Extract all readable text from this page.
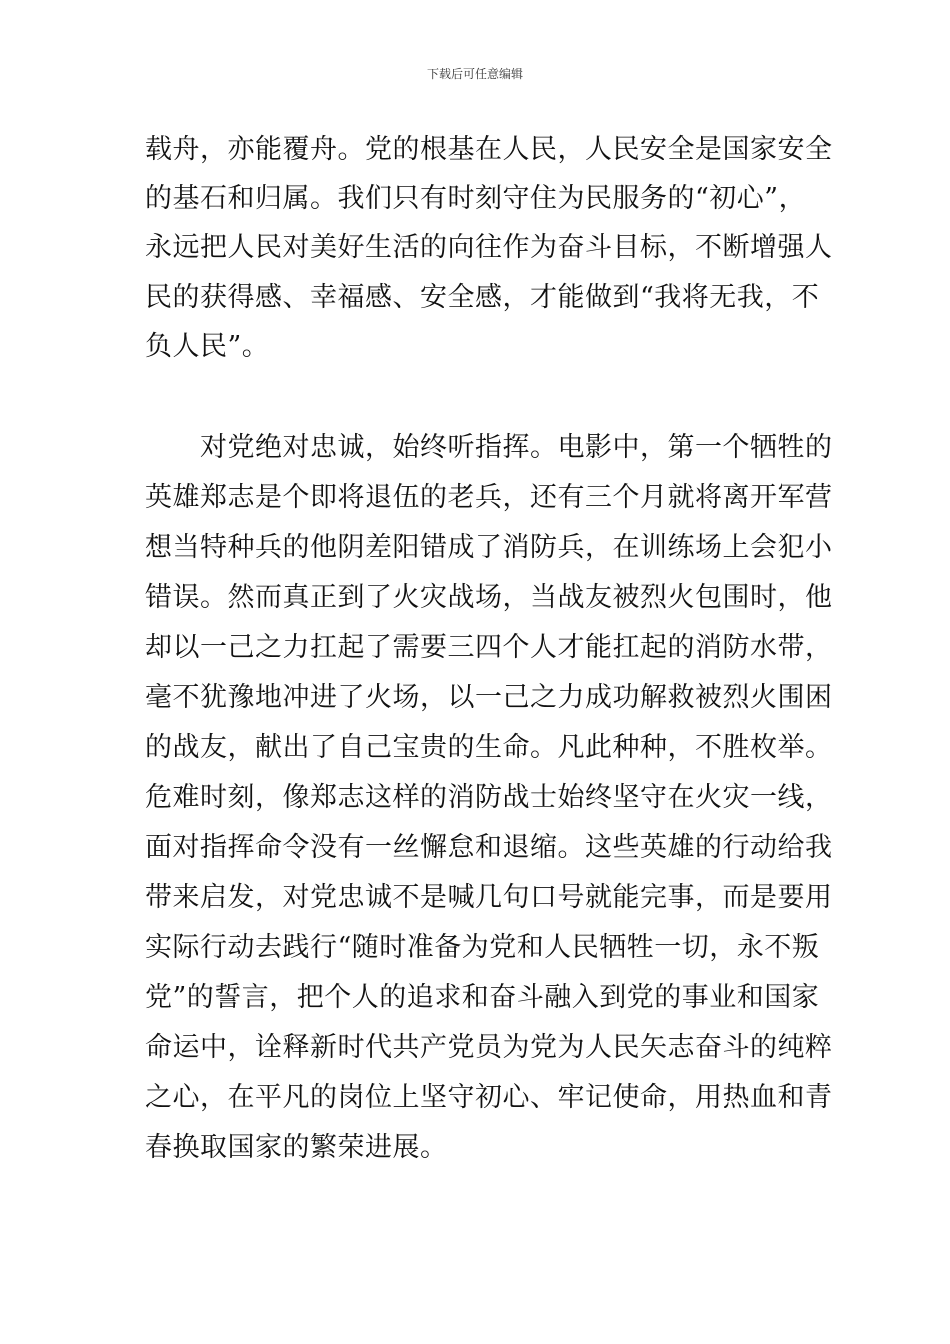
下载后可任意编辑
载舟，亦能覆舟。党的根基在人民，人民安全是国家安全
的基石和归属。我们只有时刻守住为民服务的“初心”，
永远把人民对美好生活的向往作为奋斗目标，不断增强人
民的获得感、幸福感、安全感，才能做到“我将无我，不
负人民”。
　　对党绝对忠诚，始终听指挥。电影中，第一个牺牲的
英雄郑志是个即将退伍的老兵，还有三个月就将离开军营
想当特种兵的他阴差阳错成了消防兵，在训练场上会犯小
错误。然而真正到了火灾战场，当战友被烈火包围时，他
却以一己之力扛起了需要三四个人才能扛起的消防水带，
毫不犹豫地冲进了火场，以一己之力成功解救被烈火围困
的战友，献出了自己宝贵的生命。凡此种种，不胜枚举。
危难时刻，像郑志这样的消防战士始终坚守在火灾一线，
面对指挥命令没有一丝懈怠和退缩。这些英雄的行动给我
带来启发，对党忠诚不是喊几句口号就能完事，而是要用
实际行动去践行“随时准备为党和人民牺牲一切，永不叛
党”的誓言，把个人的追求和奋斗融入到党的事业和国家
命运中，诠释新时代共产党员为党为人民矢志奋斗的纯粹
之心，在平凡的岗位上坚守初心、牢记使命，用热血和青
春换取国家的繁荣进展。
